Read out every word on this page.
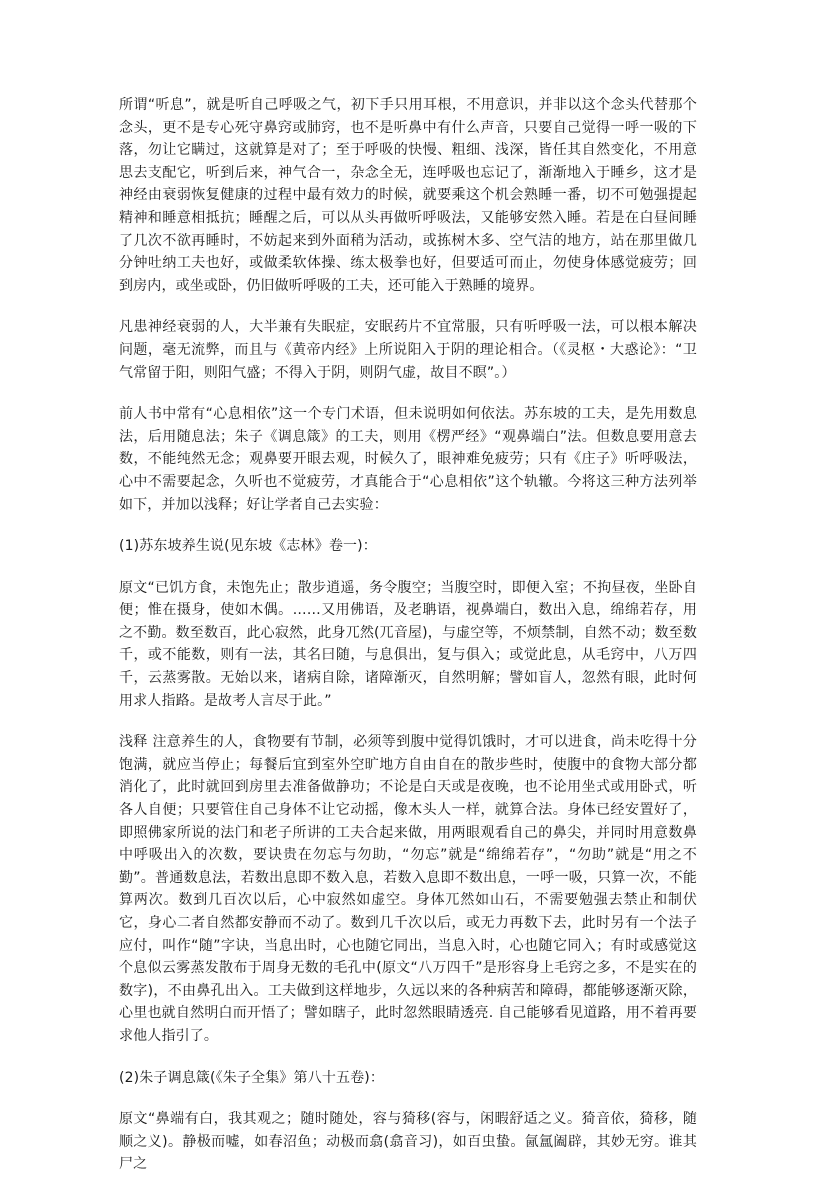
所谓“听息”，就是听自己呼吸之气，初下手只用耳根，不用意识，并非以这个念头代替那个念头，更不是专心死守鼻窍或肺窍，也不是听鼻中有什么声音，只要自己觉得一呼一吸的下落，勿让它瞒过，这就算是对了；至于呼吸的快慢、粗细、浅深，皆任其自然变化，不用意思去支配它，听到后来，神气合一，杂念全无，连呼吸也忘记了，渐渐地入于睡乡，这才是神经由衰弱恢复健康的过程中最有效力的时候，就要乘这个机会熟睡一番，切不可勉强提起精神和睡意相抵抗；睡醒之后，可以从头再做听呼吸法，又能够安然入睡。若是在白昼间睡了几次不欲再睡时，不妨起来到外面稍为活动，或拣树木多、空气洁的地方，站在那里做几分钟吐纳工夫也好，或做柔软体操、练太极拳也好，但要适可而止，勿使身体感觉疲劳；回到房内，或坐或卧，仍旧做听呼吸的工夫，还可能入于熟睡的境界。

凡患神经衰弱的人，大半兼有失眠症，安眠药片不宜常服，只有听呼吸一法，可以根本解决问题，毫无流弊，而且与《黄帝内经》上所说阳入于阴的理论相合。（《灵枢・大惑论》：“卫气常留于阳，则阳气盛；不得入于阴，则阴气虚，故目不瞑”。）

前人书中常有“心息相依”这一个专门术语，但未说明如何依法。苏东坡的工夫，是先用数息法，后用随息法；朱子《调息箴》的工夫，则用《楞严经》“观鼻端白”法。但数息要用意去数，不能纯然无念；观鼻要开眼去观，时候久了，眼神难免疲劳；只有《庄子》听呼吸法，心中不需要起念，久听也不觉疲劳，才真能合于“心息相依”这个轨辙。今将这三种方法列举如下，并加以浅释；好让学者自己去实验：

(1)苏东坡养生说(见东坡《志林》卷一)：

原文“已饥方食，未饱先止；散步逍遥，务令腹空；当腹空时，即便入室；不拘昼夜，坐卧自便；惟在摄身，使如木偶。……又用佛语，及老聃语，视鼻端白，数出入息，绵绵若存，用之不勤。数至数百，此心寂然，此身兀然(兀音屋)，与虚空等，不烦禁制，自然不动；数至数千，或不能数，则有一法，其名曰随，与息俱出，复与俱入；或觉此息，从毛窍中，八万四千，云蒸雾散。无始以来，诸病自除，诸障渐灭，自然明解；譬如盲人，忽然有眼，此时何用求人指路。是故考人言尽于此。”

浅释 注意养生的人，食物要有节制，必须等到腹中觉得饥饿时，才可以进食，尚未吃得十分饱满，就应当停止；每餐后宜到室外空旷地方自由自在的散步些时，使腹中的食物大部分都消化了，此时就回到房里去准备做静功；不论是白天或是夜晚，也不论用坐式或用卧式，听各人自便；只要管住自己身体不让它动摇，像木头人一样，就算合法。身体已经安置好了，即照佛家所说的法门和老子所讲的工夫合起来做，用两眼观看自己的鼻尖，并同时用意数鼻中呼吸出入的次数，要诀贵在勿忘与勿助，“勿忘”就是“绵绵若存”，“勿助”就是“用之不勤”。普通数息法，若数出息即不数入息，若数入息即不数出息，一呼一吸，只算一次，不能算两次。数到几百次以后，心中寂然如虚空。身体兀然如山石，不需要勉强去禁止和制伏它，身心二者自然都安静而不动了。数到几千次以后，或无力再数下去，此时另有一个法子应付，叫作“随”字诀，当息出时，心也随它同出，当息入时，心也随它同入；有时或感觉这个息似云雾蒸发散布于周身无数的毛孔中(原文“八万四千”是形容身上毛窍之多，不是实在的数字)，不由鼻孔出入。工夫做到这样地步，久远以来的各种病苦和障碍，都能够逐渐灭除，心里也就自然明白而开悟了；譬如瞎子，此时忽然眼睛透亮. 自己能够看见道路，用不着再要求他人指引了。

(2)朱子调息箴(《朱子全集》第八十五卷)：

原文“鼻端有白，我其观之；随时随处，容与猗移(容与，闲暇舒适之义。猗音依，猗移，随顺之义)。静极而嘘，如春沼鱼；动极而翕(翕音习)，如百虫蛰。氤氲阖辟，其妙无穷。谁其尸之
